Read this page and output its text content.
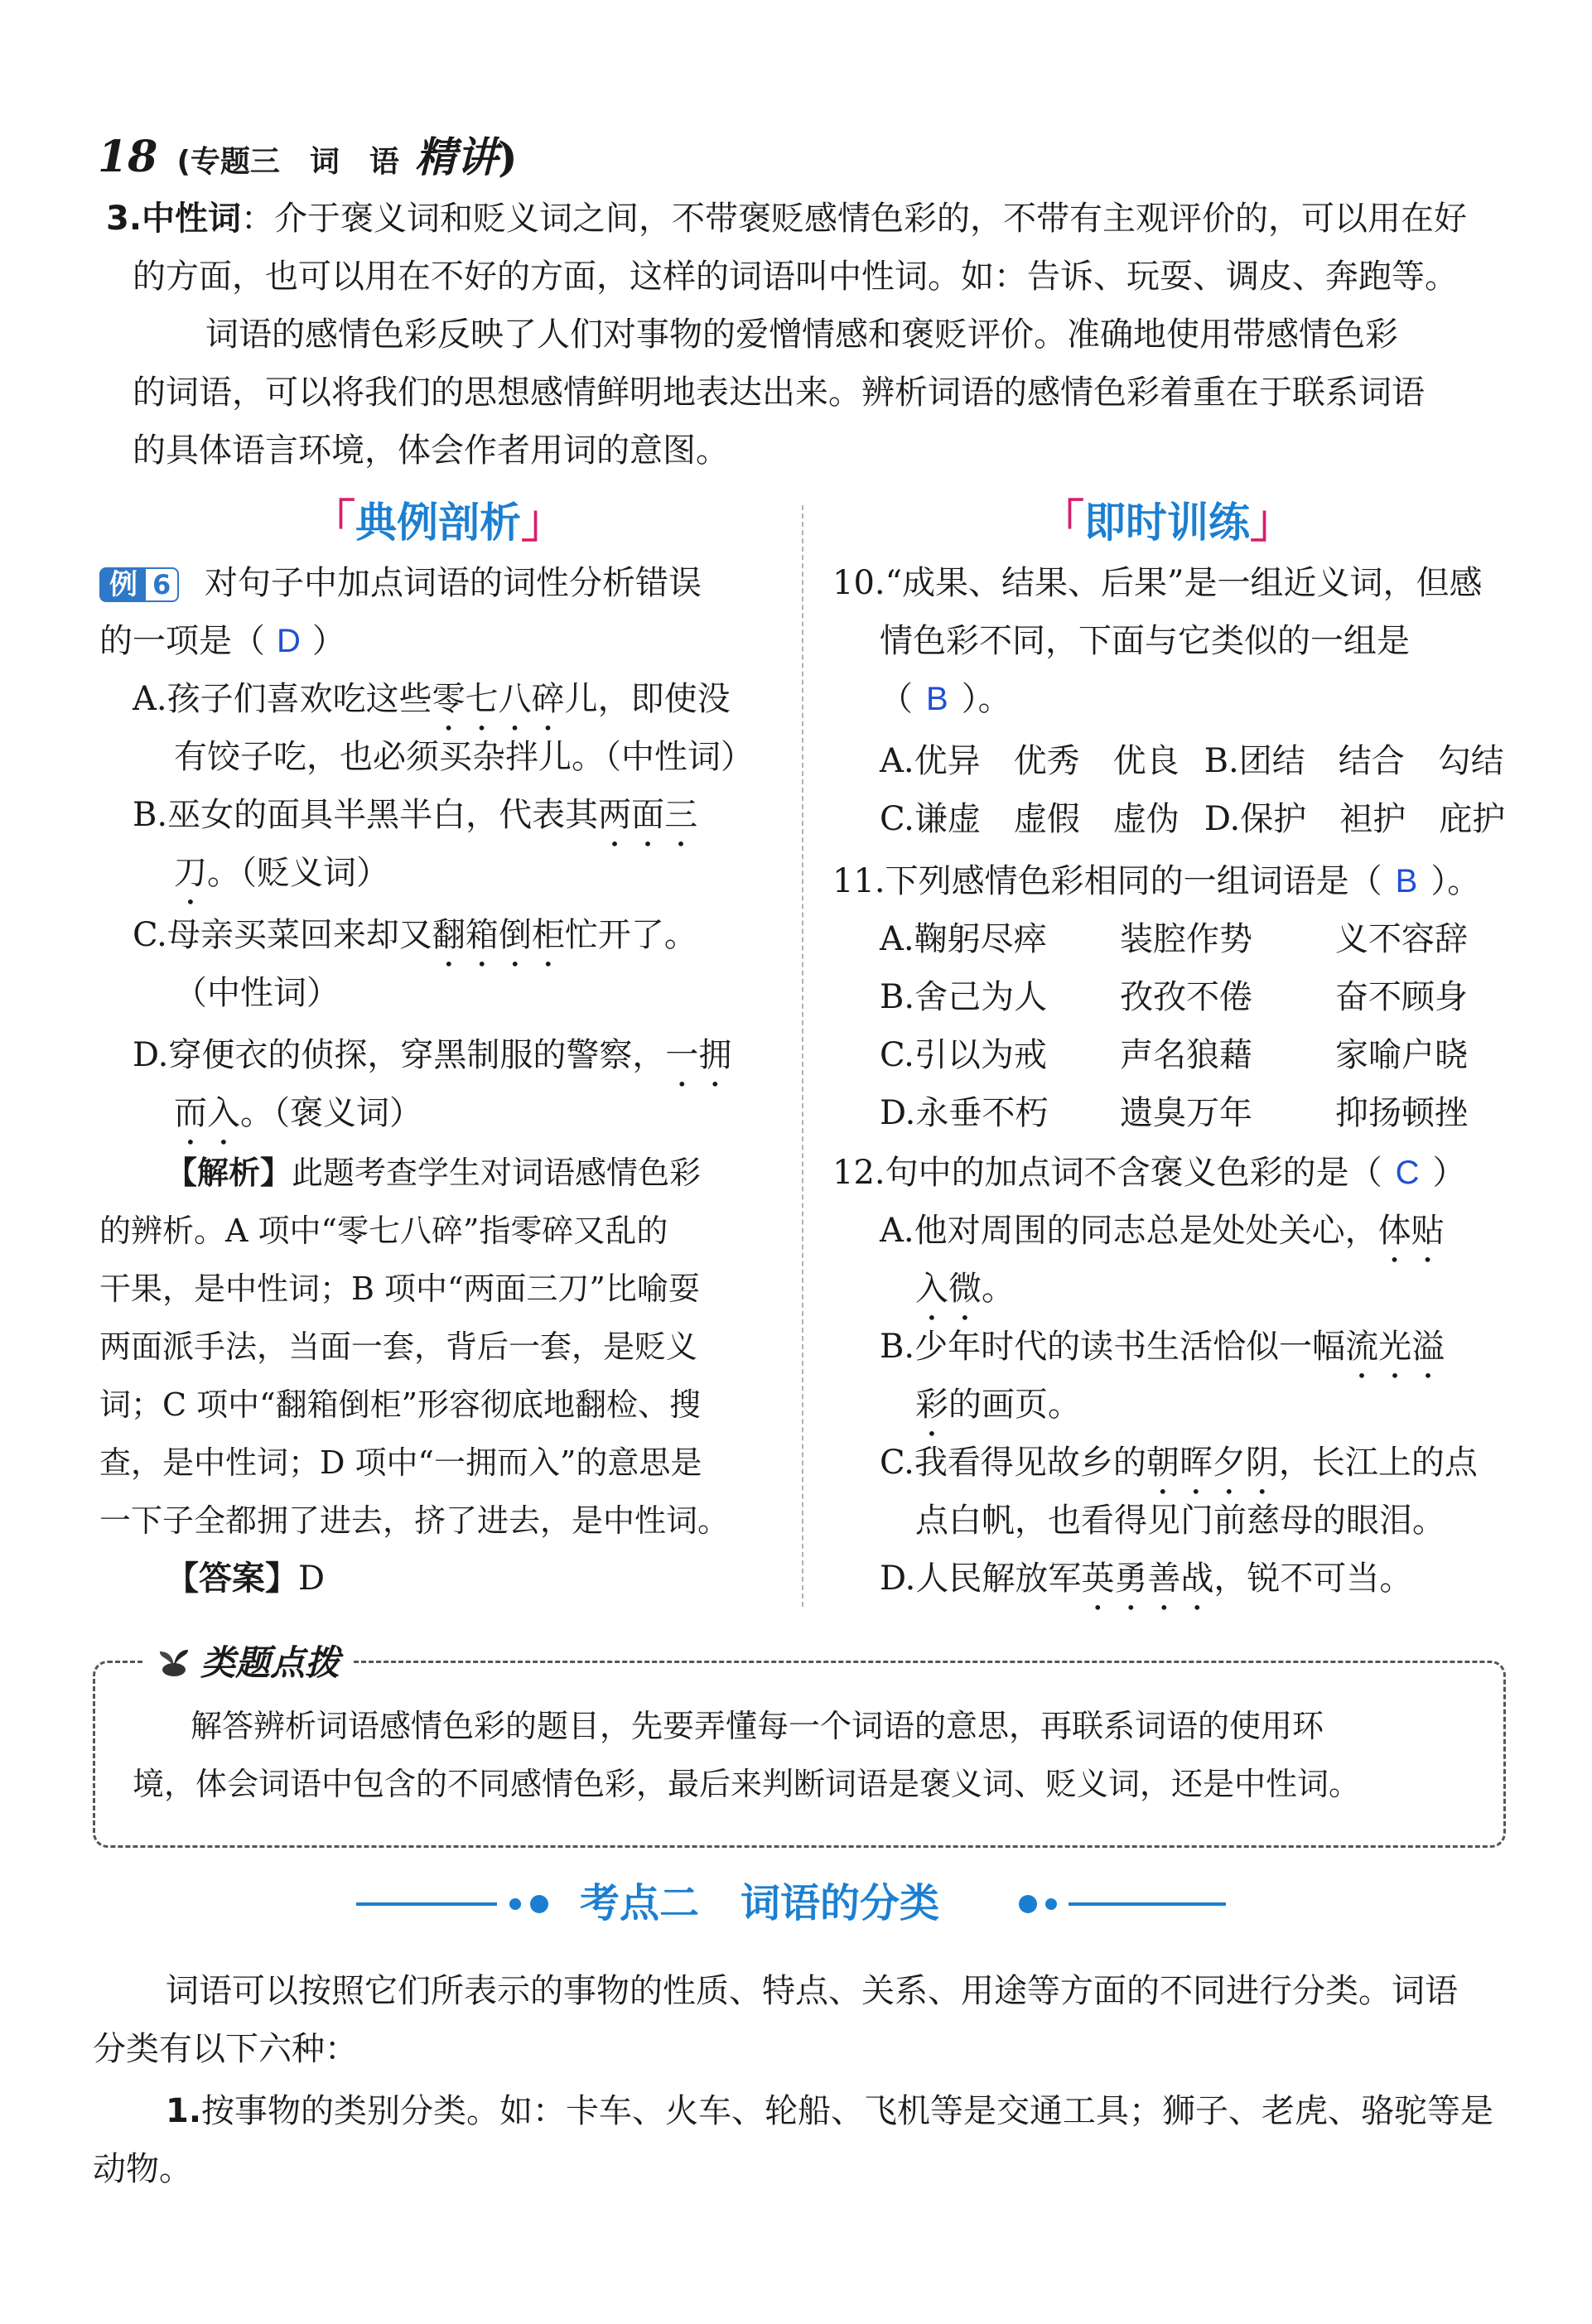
18 (专题三　词　语 精讲)
3.中性词：介于褒义词和贬义词之间，不带褒贬感情色彩的，不带有主观评价的，可以用在好
的方面，也可以用在不好的方面，这样的词语叫中性词。如：告诉、玩耍、调皮、奔跑等。
词语的感情色彩反映了人们对事物的爱憎情感和褒贬评价。准确地使用带感情色彩
的词语，可以将我们的思想感情鲜明地表达出来。辨析词语的感情色彩着重在于联系词语
的具体语言环境，体会作者用词的意图。
「典例剖析」	「即时训练」
例 6 对句子中加点词语的词性分析错误
的一项是（ D ）
A.孩子们喜欢吃这些零七八碎儿，即使没
有饺子吃，也必须买杂拌儿。（中性词）
B.巫女的面具半黑半白，代表其两面三
刀。（贬义词）
C.母亲买菜回来却又翻箱倒柜忙开了。
（中性词）
D.穿便衣的侦探，穿黑制服的警察，一拥
而入。（褒义词）
【解析】此题考查学生对词语感情色彩
的辨析。A 项中“零七八碎”指零碎又乱的
干果，是中性词；B 项中“两面三刀”比喻耍
两面派手法，当面一套，背后一套，是贬义
词；C 项中“翻箱倒柜”形容彻底地翻检、搜
查，是中性词；D 项中“一拥而入”的意思是
一下子全都拥了进去，挤了进去，是中性词。
【答案】D
10.“成果、结果、后果”是一组近义词，但感
情色彩不同，下面与它类似的一组是
（ B ）。
A.优异　优秀　优良 B.团结　结合　勾结
C.谦虚　虚假　虚伪 D.保护　袒护　庇护
11.下列感情色彩相同的一组词语是（ B ）。
A.鞠躬尽瘁 装腔作势	义不容辞
B.舍己为人 孜孜不倦	奋不顾身
C.引以为戒 声名狼藉	家喻户晓
D.永垂不朽 遗臭万年	抑扬顿挫
12.句中的加点词不含褒义色彩的是（ C ）
A.他对周围的同志总是处处关心，体贴
入微。
B.少年时代的读书生活恰似一幅流光溢
彩的画页。
C.我看得见故乡的朝晖夕阴，长江上的点
点白帆，也看得见门前慈母的眼泪。
D.人民解放军英勇善战，锐不可当。
类题点拨
解答辨析词语感情色彩的题目，先要弄懂每一个词语的意思，再联系词语的使用环
境，体会词语中包含的不同感情色彩，最后来判断词语是褒义词、贬义词，还是中性词。
考点二 词语的分类
词语可以按照它们所表示的事物的性质、特点、关系、用途等方面的不同进行分类。词语
分类有以下六种：
1.按事物的类别分类。如：卡车、火车、轮船、飞机等是交通工具；狮子、老虎、骆驼等是
动物。
